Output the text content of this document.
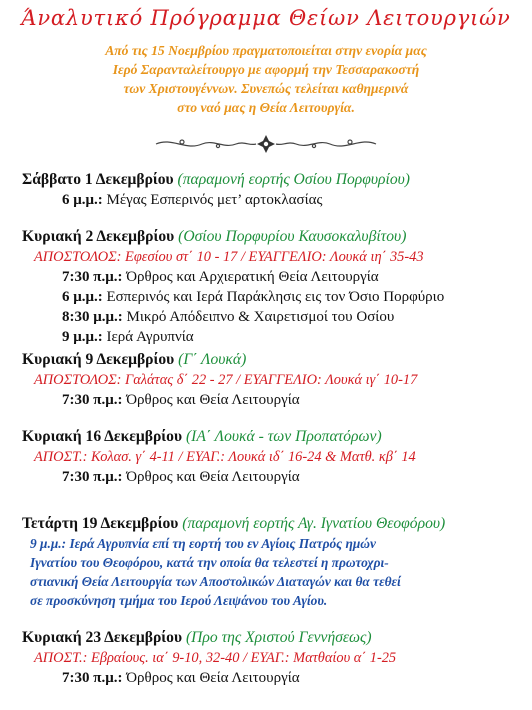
Άναλυτικό Πρόγραμμα Θείων Λειτουργιών
Από τις 15 Νοεμβρίου πραγματοποιείται στην ενορία μας
Ιερό Σαρανταλείτουργο με αφορμή την Τεσσαρακοστή
των Χριστουγέννων. Συνεπώς τελείται καθημερινά
στο ναό μας η Θεία Λειτουργία.
Σάββατο 1 Δεκεμβρίου (παραμονή εορτής Οσίου Πορφυρίου)
6 μ.μ.: Μέγας Εσπερινός μετ’ αρτοκλασίας
Κυριακή 2 Δεκεμβρίου (Οσίου Πορφυρίου Καυσοκαλυβίτου)
ΑΠΟΣΤΟΛΟΣ: Εφεσίου στ΄ 10 - 17 / ΕΥΑΓΓΕΛΙΟ: Λουκά ιη΄ 35-43
7:30 π.μ.: Όρθρος και Αρχιερατική Θεία Λειτουργία
6 μ.μ.: Εσπερινός και Ιερά Παράκλησις εις τον Όσιο Πορφύριο
8:30 μ.μ.: Μικρό Απόδειπνο & Χαιρετισμοί του Οσίου
9 μ.μ.: Ιερά Αγρυπνία
Κυριακή 9 Δεκεμβρίου (Γ΄ Λουκά)
ΑΠΟΣΤΟΛΟΣ: Γαλάτας δ΄ 22 - 27 / ΕΥΑΓΓΕΛΙΟ: Λουκά ιγ΄ 10-17
7:30 π.μ.: Όρθρος και Θεία Λειτουργία
Κυριακή 16 Δεκεμβρίου (ΙΑ΄ Λουκά - των Προπατόρων)
ΑΠΟΣΤ.: Κολασ. γ΄ 4-11 / ΕΥΑΓ.: Λουκά ιδ΄ 16-24 & Ματθ. κβ΄ 14
7:30 π.μ.: Όρθρος και Θεία Λειτουργία
Τετάρτη 19 Δεκεμβρίου (παραμονή εορτής Αγ. Ιγνατίου Θεοφόρου)
9 μ.μ.: Ιερά Αγρυπνία επί τη εορτή του εν Αγίοις Πατρός ημών
Ιγνατίου του Θεοφόρου, κατά την οποία θα τελεστεί η πρωτοχρι-
στιανική Θεία Λειτουργία των Αποστολικών Διαταγών και θα τεθεί
σε προσκύνηση τμήμα του Ιερού Λειψάνου του Αγίου.
Κυριακή 23 Δεκεμβρίου (Προ της Χριστού Γεννήσεως)
ΑΠΟΣΤ.: Εβραίους. ια΄ 9-10, 32-40 / ΕΥΑΓ.: Ματθαίου α΄ 1-25
7:30 π.μ.: Όρθρος και Θεία Λειτουργία
